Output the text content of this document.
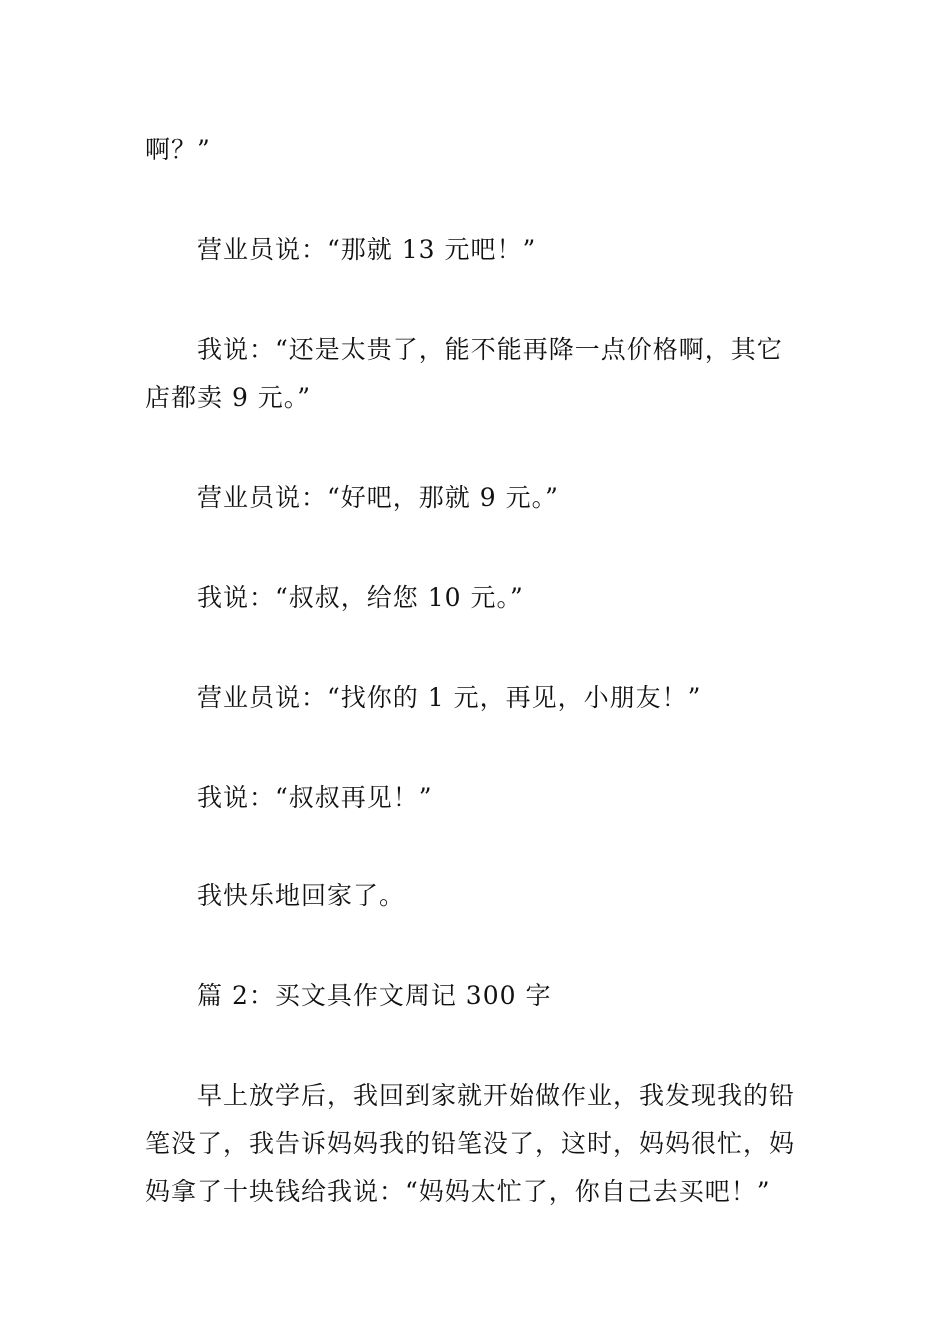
啊？”

营业员说：“那就 13 元吧！”

我说：“还是太贵了，能不能再降一点价格啊，其它
店都卖 9 元。”

营业员说：“好吧，那就 9 元。”

我说：“叔叔，给您 10 元。”

营业员说：“找你的 1 元，再见，小朋友！”

我说：“叔叔再见！”

我快乐地回家了。

篇 2：买文具作文周记 300 字

早上放学后，我回到家就开始做作业，我发现我的铅
笔没了，我告诉妈妈我的铅笔没了，这时，妈妈很忙，妈
妈拿了十块钱给我说：“妈妈太忙了，你自己去买吧！”
